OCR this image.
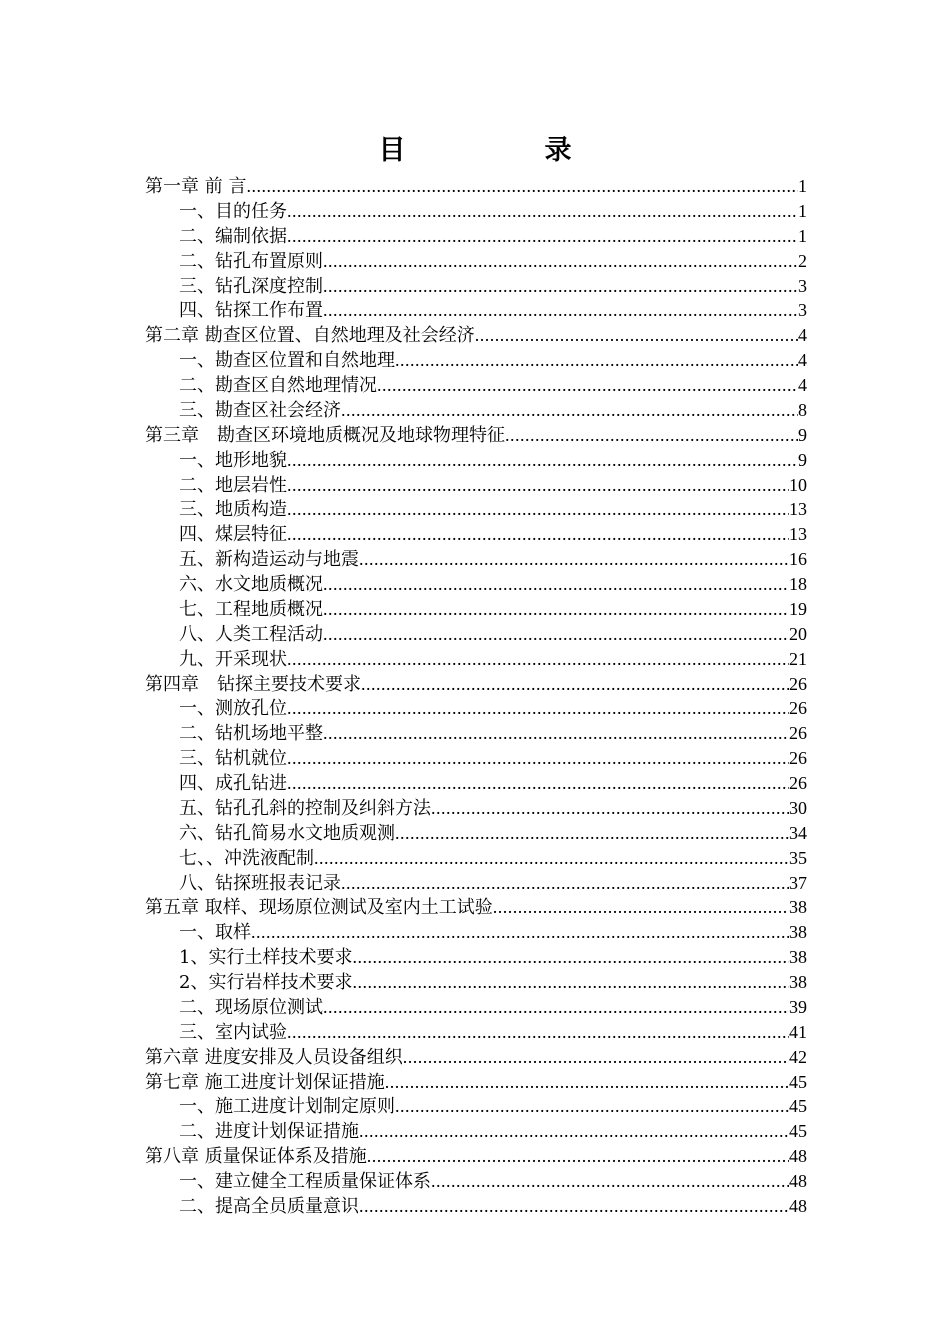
目　录
第一章 前 言 .....	1
一、目的任务 .....	1
二、编制依据 .....	1
二、钻孔布置原则 .....	2
三、钻孔深度控制 .....	3
四、钻探工作布置 .....	3
第二章 勘查区位置、自然地理及社会经济 .....	4
一、勘查区位置和自然地理 .....	4
二、勘查区自然地理情况 .....	4
三、勘查区社会经济 .....	8
第三章　勘查区环境地质概况及地球物理特征 .....	9
一、地形地貌 .....	9
二、地层岩性 .....	10
三、地质构造 .....	13
四、煤层特征 .....	13
五、新构造运动与地震 .....	16
六、水文地质概况 .....	18
七、工程地质概况 .....	19
八、人类工程活动 .....	20
九、开采现状 .....	21
第四章　钻探主要技术要求 .....	26
一、测放孔位 .....	26
二、钻机场地平整 .....	26
三、钻机就位 .....	26
四、成孔钻进 .....	26
五、钻孔孔斜的控制及纠斜方法 .....	30
六、钻孔简易水文地质观测 .....	34
七、、冲洗液配制 .....	35
八、钻探班报表记录 .....	37
第五章 取样、现场原位测试及室内土工试验 .....	38
一、取样 .....	38
1、实行土样技术要求 .....	38
2、实行岩样技术要求 .....	38
二、现场原位测试 .....	39
三、室内试验 .....	41
第六章 进度安排及人员设备组织 .....	42
第七章 施工进度计划保证措施 .....	45
一、施工进度计划制定原则 .....	45
二、进度计划保证措施 .....	45
第八章 质量保证体系及措施 .....	48
一、建立健全工程质量保证体系 .....	48
二、提高全员质量意识 .....	48
